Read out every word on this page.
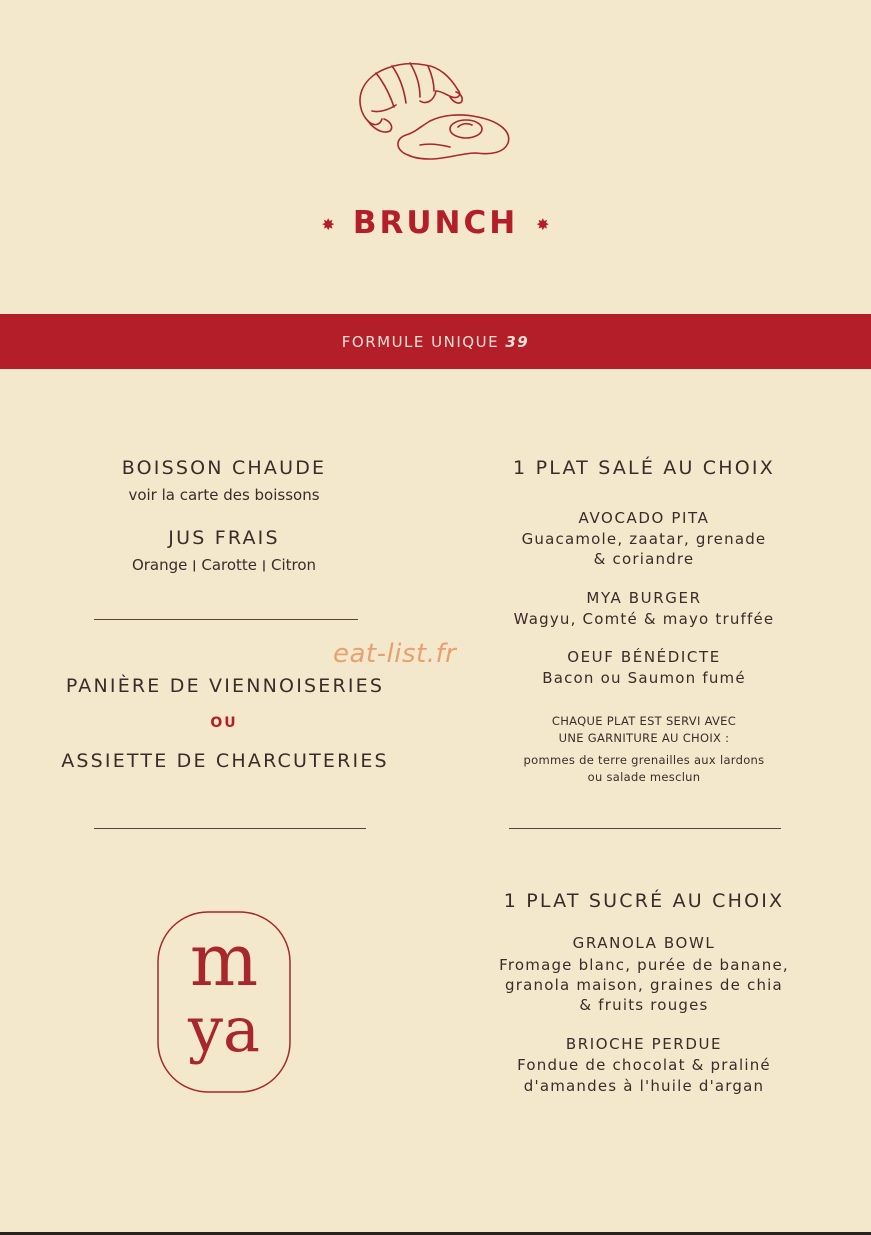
✸ BRUNCH ✸
FORMULE UNIQUE 39
BOISSON CHAUDE
voir la carte des boissons
JUS FRAIS
Orange ׀ Carotte ׀ Citron
eat-list.fr
PANIÈRE DE VIENNOISERIES
OU
ASSIETTE DE CHARCUTERIES
m
ya
1 PLAT SALÉ AU CHOIX
AVOCADO PITA
Guacamole, zaatar, grenade
& coriandre
MYA BURGER
Wagyu, Comté & mayo truffée
OEUF BÉNÉDICTE
Bacon ou Saumon fumé
CHAQUE PLAT EST SERVI AVEC
UNE GARNITURE AU CHOIX :
pommes de terre grenailles aux lardons
ou salade mesclun
1 PLAT SUCRÉ AU CHOIX
GRANOLA BOWL
Fromage blanc, purée de banane,
granola maison, graines de chia
& fruits rouges
BRIOCHE PERDUE
Fondue de chocolat & praliné
d'amandes à l'huile d'argan
